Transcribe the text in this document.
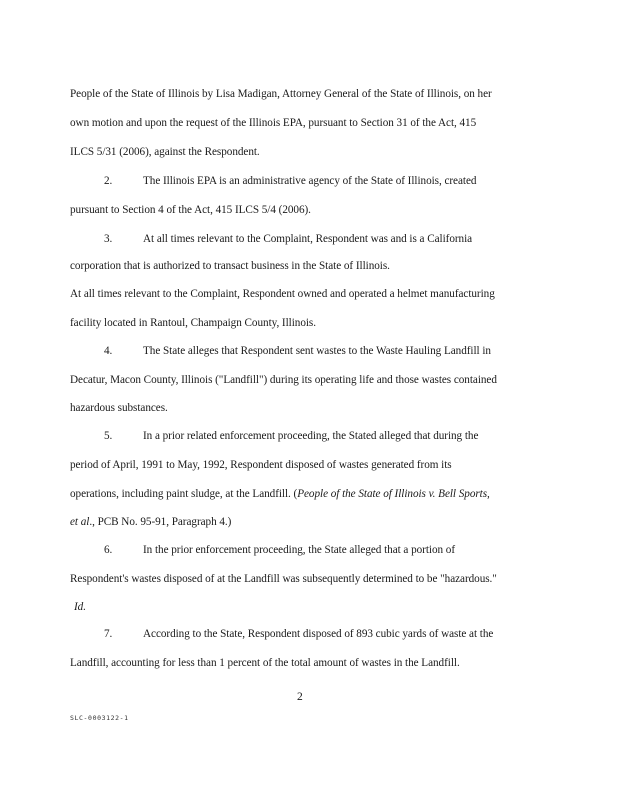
People of the State of Illinois by Lisa Madigan, Attorney General of the State of Illinois, on her
own motion and upon the request of the Illinois EPA, pursuant to Section 31 of the Act, 415
ILCS 5/31 (2006), against the Respondent.
2.	The Illinois EPA is an administrative agency of the State of Illinois, created
pursuant to Section 4 of the Act, 415 ILCS 5/4 (2006).
3.	At all times relevant to the Complaint, Respondent was and is a California
corporation that is authorized to transact business in the State of Illinois.
At all times relevant to the Complaint, Respondent owned and operated a helmet manufacturing
facility located in Rantoul, Champaign County, Illinois.
4.	The State alleges that Respondent sent wastes to the Waste Hauling Landfill in
Decatur, Macon County, Illinois ("Landfill") during its operating life and those wastes contained
hazardous substances.
5.	In a prior related enforcement proceeding, the Stated alleged that during the
period of April, 1991 to May, 1992, Respondent disposed of wastes generated from its
operations, including paint sludge, at the Landfill. (People of the State of Illinois v. Bell Sports,
et al., PCB No. 95-91, Paragraph 4.)
6.	In the prior enforcement proceeding, the State alleged that a portion of
Respondent's wastes disposed of at the Landfill was subsequently determined to be "hazardous."
Id.
7.	According to the State, Respondent disposed of 893 cubic yards of waste at the
Landfill, accounting for less than 1 percent of the total amount of wastes in the Landfill.
2
SLC-0003122-1
